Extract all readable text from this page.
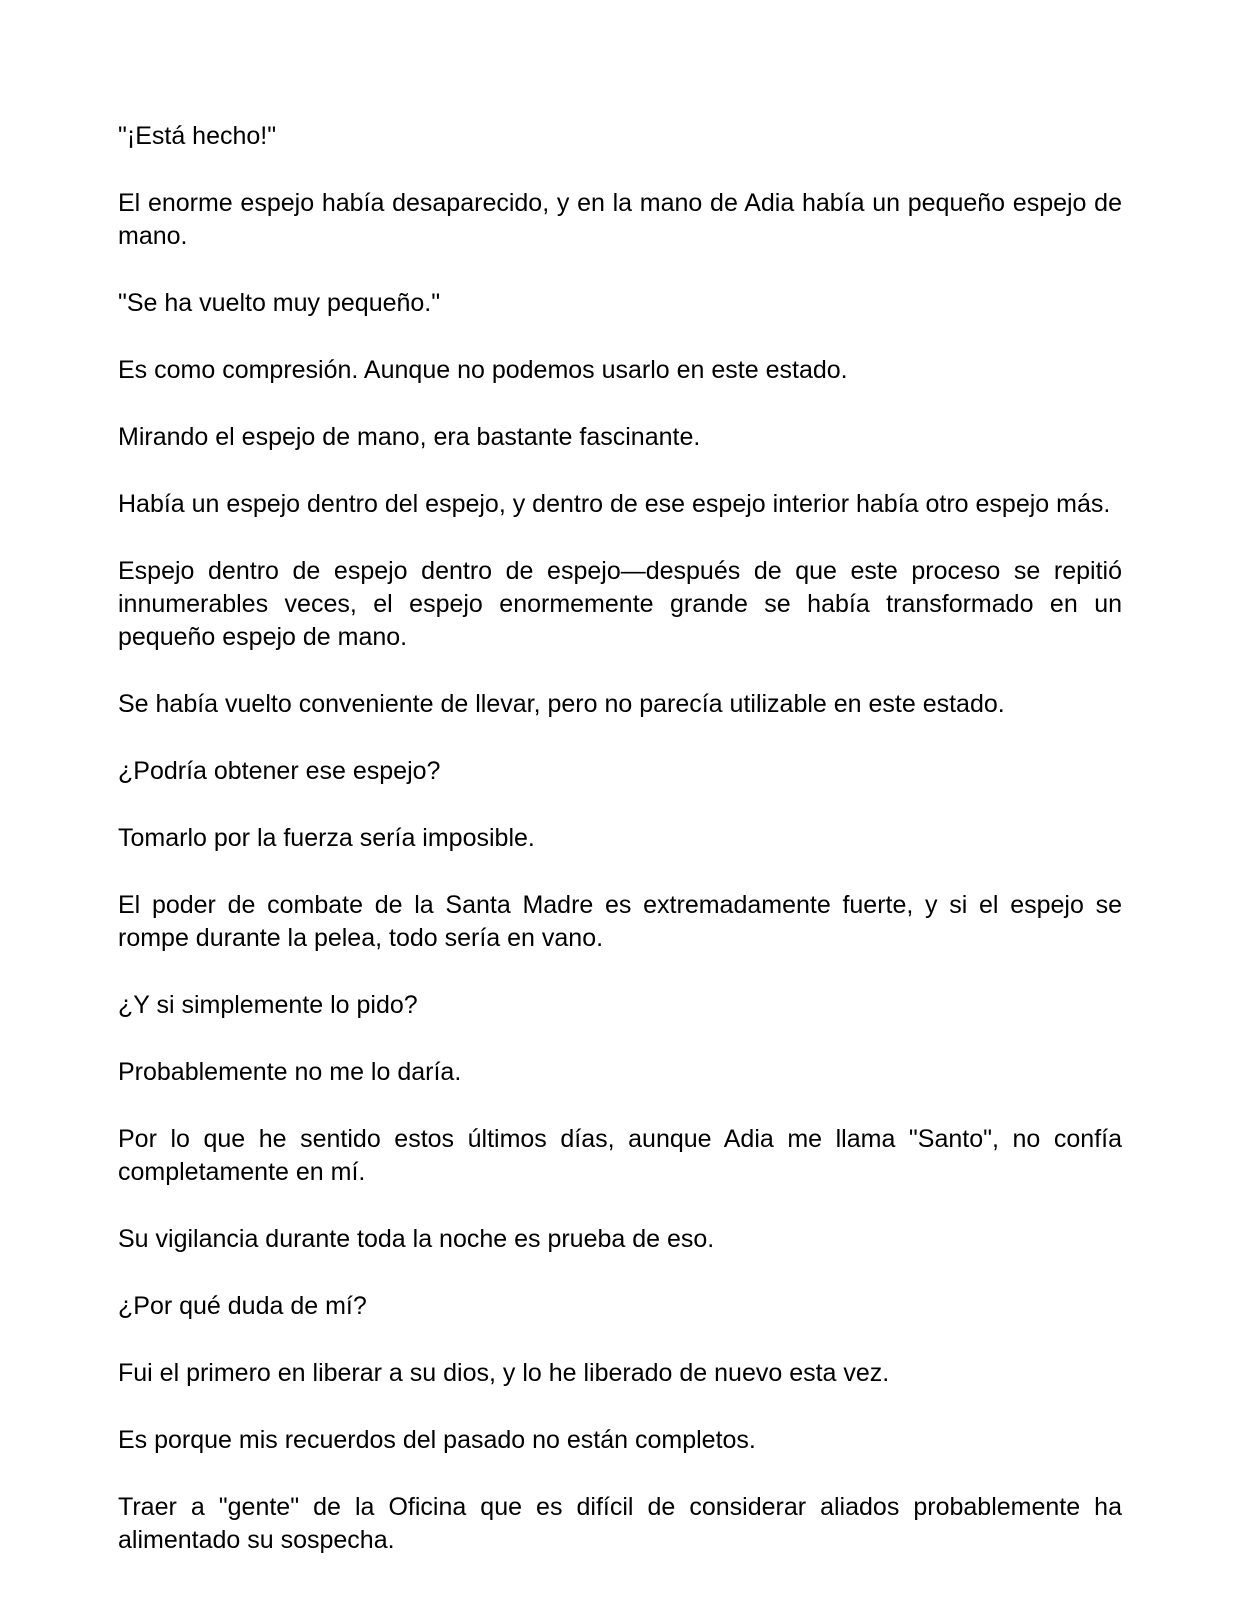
"¡Está hecho!"

El enorme espejo había desaparecido, y en la mano de Adia había un pequeño espejo de mano.

"Se ha vuelto muy pequeño."

Es como compresión. Aunque no podemos usarlo en este estado.

Mirando el espejo de mano, era bastante fascinante.

Había un espejo dentro del espejo, y dentro de ese espejo interior había otro espejo más.

Espejo dentro de espejo dentro de espejo—después de que este proceso se repitió innumerables veces, el espejo enormemente grande se había transformado en un pequeño espejo de mano.

Se había vuelto conveniente de llevar, pero no parecía utilizable en este estado.

¿Podría obtener ese espejo?

Tomarlo por la fuerza sería imposible.

El poder de combate de la Santa Madre es extremadamente fuerte, y si el espejo se rompe durante la pelea, todo sería en vano.

¿Y si simplemente lo pido?

Probablemente no me lo daría.

Por lo que he sentido estos últimos días, aunque Adia me llama "Santo", no confía completamente en mí.

Su vigilancia durante toda la noche es prueba de eso.

¿Por qué duda de mí?

Fui el primero en liberar a su dios, y lo he liberado de nuevo esta vez.

Es porque mis recuerdos del pasado no están completos.

Traer a "gente" de la Oficina que es difícil de considerar aliados probablemente ha alimentado su sospecha.
